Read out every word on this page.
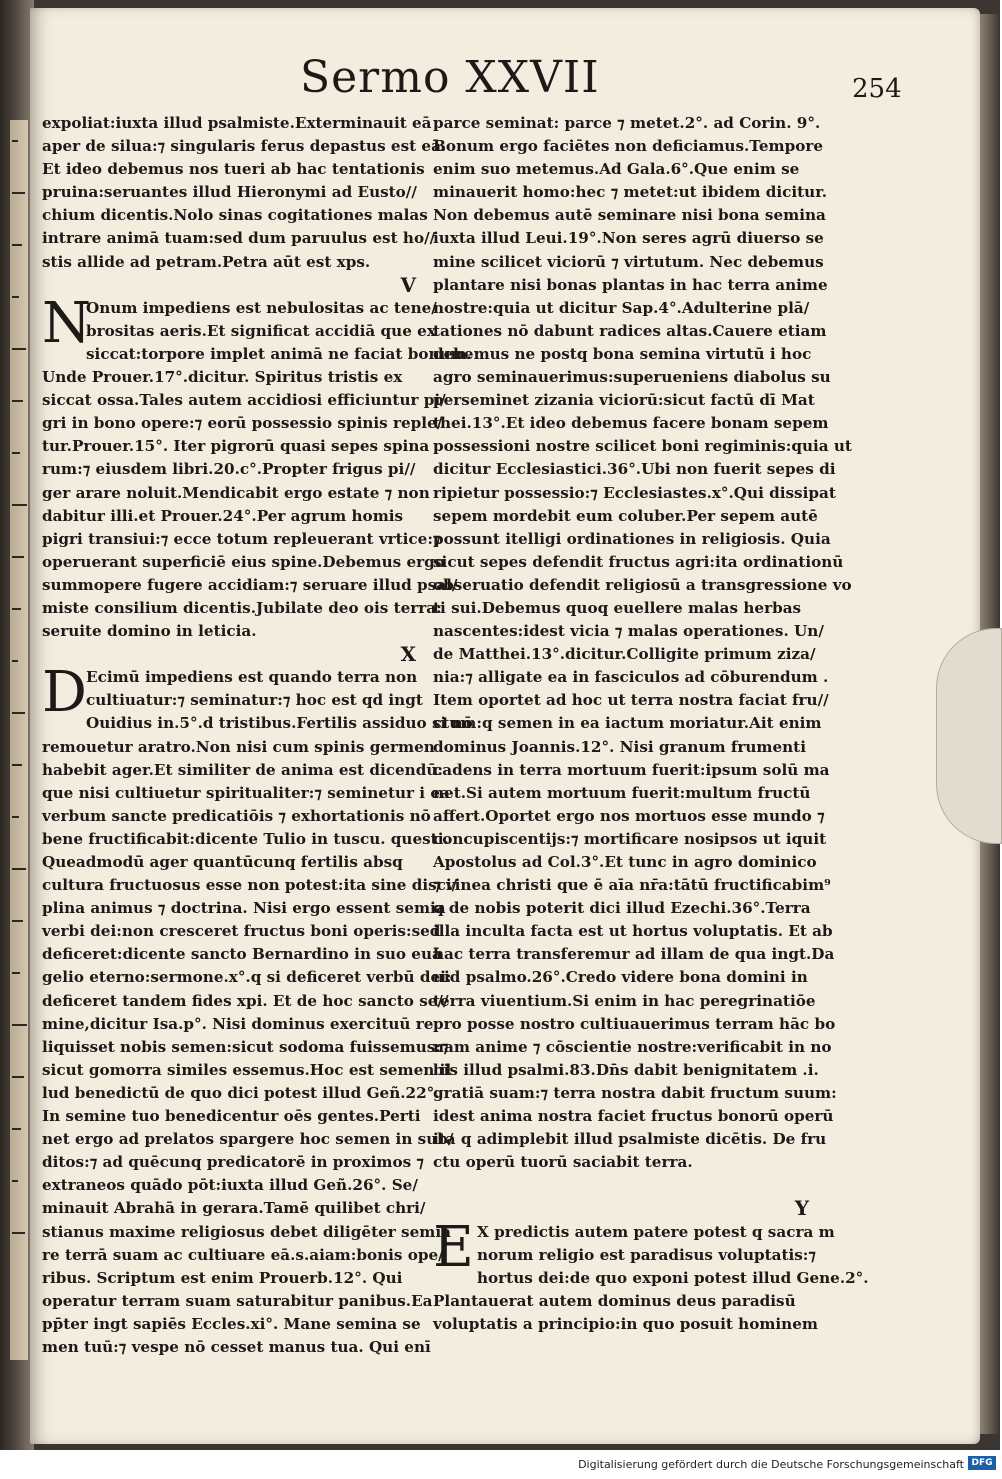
Sermo XXVII	254
expoliat:iuxta illud psalmiste.Exterminauit eā
aper de silua:⁊ singularis ferus depastus est eā.
Et ideo debemus nos tueri ab hac tentationis
pruina:seruantes illud Hieronymi ad Eusto//
chium dicentis.Nolo sinas cogitationes malas
intrare animā tuam:sed dum paruulus est ho//
stis allide ad petram.Petra aūt est xps.
V
N
Onum impediens est nebulositas ac tene/
brositas aeris.Et significat accidiā que ex
siccat:torpore implet animā ne faciat bonum.
Unde Prouer.17°.dicitur. Spiritus tristis ex
siccat ossa.Tales autem accidiosi efficiuntur pi/
gri in bono opere:⁊ eorū possessio spinis reple/
tur.Prouer.15°. Iter pigrorū quasi sepes spina
rum:⁊ eiusdem libri.20.c°.Propter frigus pi//
ger arare noluit.Mendicabit ergo estate ⁊ non
dabitur illi.et Prouer.24°.Per agrum homis
pigri transiui:⁊ ecce totum repleuerant vrtice:⁊
operuerant superficiē eius spine.Debemus ergo
summopere fugere accidiam:⁊ seruare illud psal/
miste consilium dicentis.Jubilate deo ois terra:
seruite domino in leticia.
X
D Ecimū impediens est quando terra non
cultiuatur:⁊ seminatur:⁊ hoc est qd ingt
Ouidius in.5°.d tristibus.Fertilis assiduo si nō
remouetur aratro.Non nisi cum spinis germen
habebit ager.Et similiter de anima est dicendū:
que nisi cultiuetur spiritualiter:⁊ seminetur i ea
verbum sancte predicatiōis ⁊ exhortationis nō
bene fructificabit:dicente Tulio in tuscu. questi.
Queadmodū ager quantūcunq fertilis absq
cultura fructuosus esse non potest:ita sine disci/
plina animus ⁊ doctrina. Nisi ergo essent semia
verbi dei:non cresceret fructus boni operis:sed
deficeret:dicente sancto Bernardino in suo euā
gelio eterno:sermone.x°.q si deficeret verbū dei:
deficeret tandem fides xpi. Et de hoc sancto se//
mine,dicitur Isa.p°. Nisi dominus exercituū re
liquisset nobis semen:sicut sodoma fuissemus:⁊
sicut gomorra similes essemus.Hoc est semen il
lud benedictū de quo dici potest illud Geñ.22°.
In semine tuo benedicentur oēs gentes.Perti
net ergo ad prelatos spargere hoc semen in sub/
ditos:⁊ ad quēcunq predicatorē in proximos ⁊
extraneos quādo pōt:iuxta illud Geñ.26°. Se/
minauit Abrahā in gerara.Tamē quilibet chri/
stianus maxime religiosus debet diligēter semia
re terrā suam ac cultiuare eā.s.aiam:bonis ope/
ribus. Scriptum est enim Prouerb.12°. Qui
operatur terram suam saturabitur panibus.Ea
pp̄ter ingt sapiēs Eccles.xi°. Mane semina se
men tuū:⁊ vespe nō cesset manus tua. Qui enī
parce seminat: parce ⁊ metet.2°. ad Corin. 9°.
Bonum ergo faciētes non deficiamus.Tempore
enim suo metemus.Ad Gala.6°.Que enim se
minauerit homo:hec ⁊ metet:ut ibidem dicitur.
Non debemus autē seminare nisi bona semina
iuxta illud Leui.19°.Non seres agrū diuerso se
mine scilicet viciorū ⁊ virtutum. Nec debemus
plantare nisi bonas plantas in hac terra anime
nostre:quia ut dicitur Sap.4°.Adulterine plā/
tationes nō dabunt radices altas.Cauere etiam
debemus ne postq bona semina virtutū i hoc
agro seminauerimus:superueniens diabolus su
perseminet zizania viciorū:sicut factū dī Mat
thei.13°.Et ideo debemus facere bonam sepem
possessioni nostre scilicet boni regiminis:quia ut
dicitur Ecclesiastici.36°.Ubi non fuerit sepes di
ripietur possessio:⁊ Ecclesiastes.x°.Qui dissipat
sepem mordebit eum coluber.Per sepem autē
possunt itelligi ordinationes in religiosis. Quia
sicut sepes defendit fructus agri:ita ordinationū
obseruatio defendit religiosū a transgressione vo
ti sui.Debemus quoq euellere malas herbas
nascentes:idest vicia ⁊ malas operationes. Un/
de Matthei.13°.dicitur.Colligite primum ziza/
nia:⁊ alligate ea in fasciculos ad cōburendum .
Item oportet ad hoc ut terra nostra faciat fru//
ctum:q semen in ea iactum moriatur.Ait enim
dominus Joannis.12°. Nisi granum frumenti
cadens in terra mortuum fuerit:ipsum solū ma
net.Si autem mortuum fuerit:multum fructū
affert.Oportet ergo nos mortuos esse mundo ⁊
concupiscentijs:⁊ mortificare nosipsos ut iquit
Apostolus ad Col.3°.Et tunc in agro dominico
⁊ vinea christi que ē aīa nr̄a:tātū fructificabim⁹
q de nobis poterit dici illud Ezechi.36°.Terra
illa inculta facta est ut hortus voluptatis. Et ab
hac terra transferemur ad illam de qua ingt.Da
uid psalmo.26°.Credo videre bona domini in
terra viuentium.Si enim in hac peregrinatiōe
pro posse nostro cultiuauerimus terram hāc bo
nam anime ⁊ cōscientie nostre:verificabit in no
bis illud psalmi.83.Dn̄s dabit benignitatem .i.
gratiā suam:⁊ terra nostra dabit fructum suum:
idest anima nostra faciet fructus bonorū operū
ita q adimplebit illud psalmiste dicētis. De fru
ctu operū tuorū saciabit terra.
Y
E X predictis autem patere potest q sacra m
norum religio est paradisus voluptatis:⁊
hortus dei:de quo exponi potest illud Gene.2°.
Plantauerat autem dominus deus paradisū
voluptatis a principio:in quo posuit hominem
Digitalisierung gefördert durch die Deutsche Forschungsgemeinschaft DFG
